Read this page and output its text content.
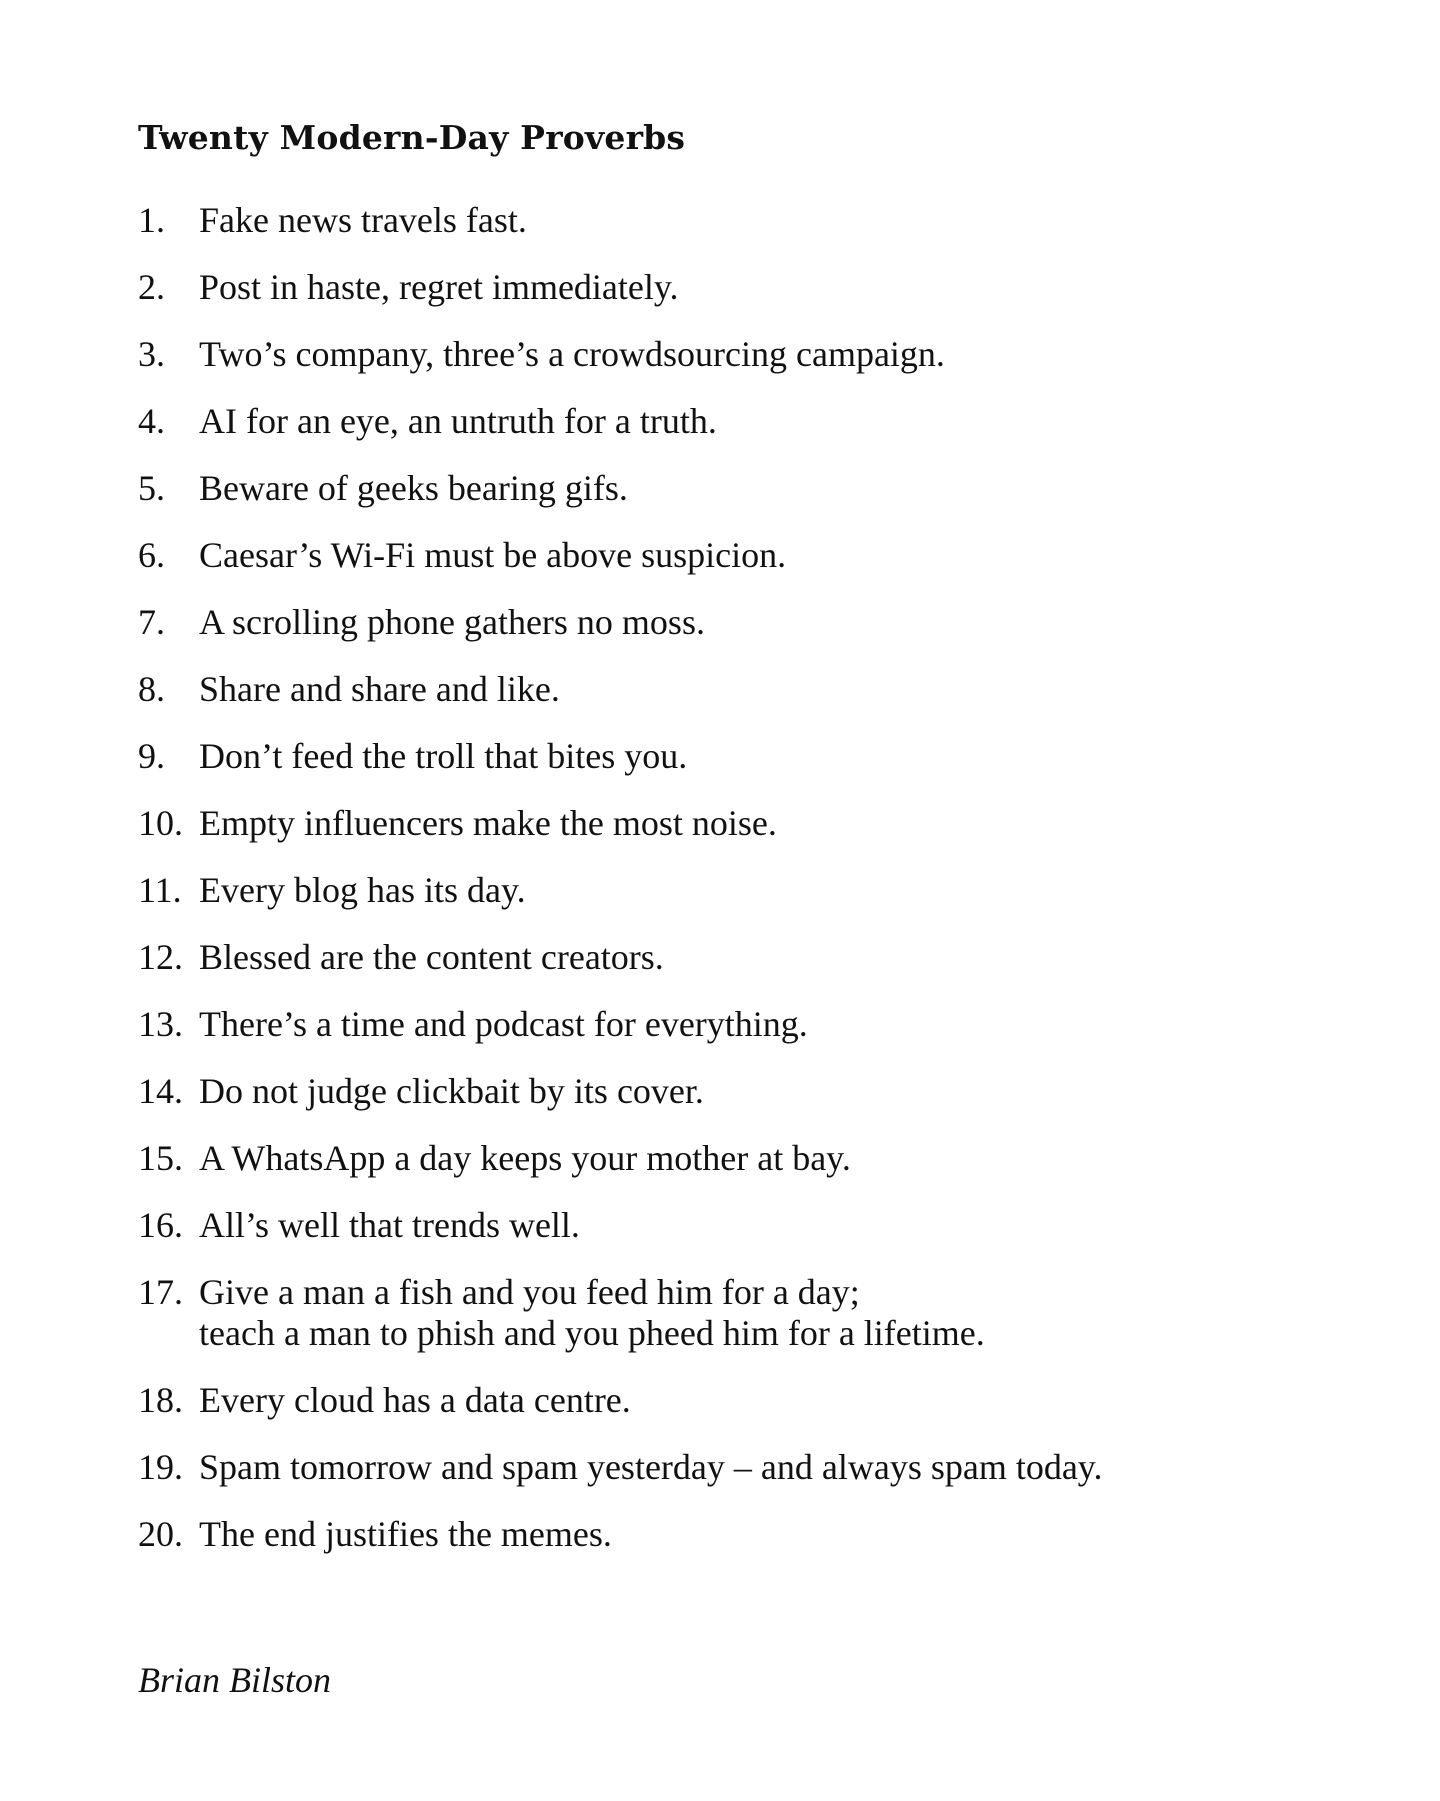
Twenty Modern-Day Proverbs
1. Fake news travels fast.
2. Post in haste, regret immediately.
3. Two’s company, three’s a crowdsourcing campaign.
4. AI for an eye, an untruth for a truth.
5. Beware of geeks bearing gifs.
6. Caesar’s Wi-Fi must be above suspicion.
7. A scrolling phone gathers no moss.
8. Share and share and like.
9. Don’t feed the troll that bites you.
10. Empty influencers make the most noise.
11. Every blog has its day.
12. Blessed are the content creators.
13. There’s a time and podcast for everything.
14. Do not judge clickbait by its cover.
15. A WhatsApp a day keeps your mother at bay.
16. All’s well that trends well.
17. Give a man a fish and you feed him for a day;
teach a man to phish and you pheed him for a lifetime.
18. Every cloud has a data centre.
19. Spam tomorrow and spam yesterday – and always spam today.
20. The end justifies the memes.

Brian Bilston
